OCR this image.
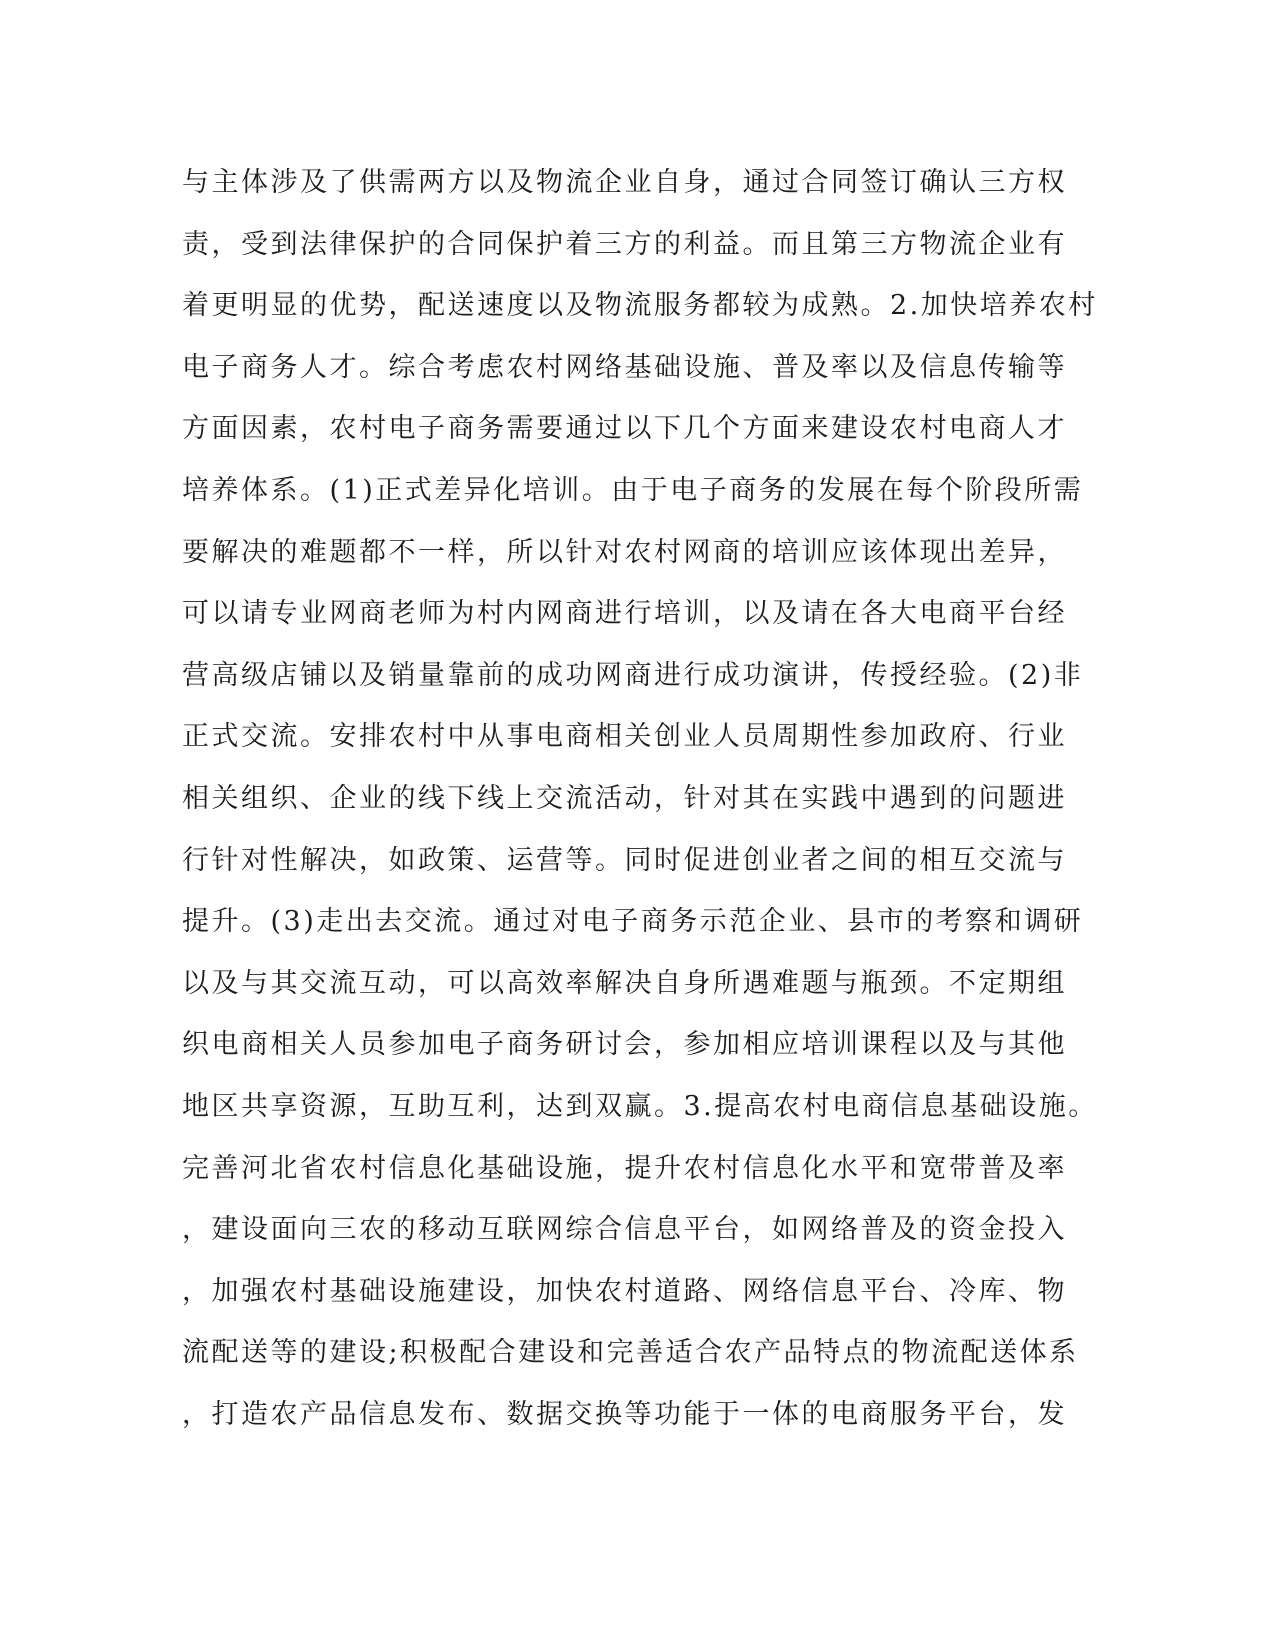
与主体涉及了供需两方以及物流企业自身，通过合同签订确认三方权
责，受到法律保护的合同保护着三方的利益。而且第三方物流企业有
着更明显的优势，配送速度以及物流服务都较为成熟。2.加快培养农村
电子商务人才。综合考虑农村网络基础设施、普及率以及信息传输等
方面因素，农村电子商务需要通过以下几个方面来建设农村电商人才
培养体系。(1)正式差异化培训。由于电子商务的发展在每个阶段所需
要解决的难题都不一样，所以针对农村网商的培训应该体现出差异，
可以请专业网商老师为村内网商进行培训，以及请在各大电商平台经
营高级店铺以及销量靠前的成功网商进行成功演讲，传授经验。(2)非
正式交流。安排农村中从事电商相关创业人员周期性参加政府、行业
相关组织、企业的线下线上交流活动，针对其在实践中遇到的问题进
行针对性解决，如政策、运营等。同时促进创业者之间的相互交流与
提升。(3)走出去交流。通过对电子商务示范企业、县市的考察和调研
以及与其交流互动，可以高效率解决自身所遇难题与瓶颈。不定期组
织电商相关人员参加电子商务研讨会，参加相应培训课程以及与其他
地区共享资源，互助互利，达到双赢。3.提高农村电商信息基础设施。
完善河北省农村信息化基础设施，提升农村信息化水平和宽带普及率
，建设面向三农的移动互联网综合信息平台，如网络普及的资金投入
，加强农村基础设施建设，加快农村道路、网络信息平台、冷库、物
流配送等的建设;积极配合建设和完善适合农产品特点的物流配送体系
，打造农产品信息发布、数据交换等功能于一体的电商服务平台，发
